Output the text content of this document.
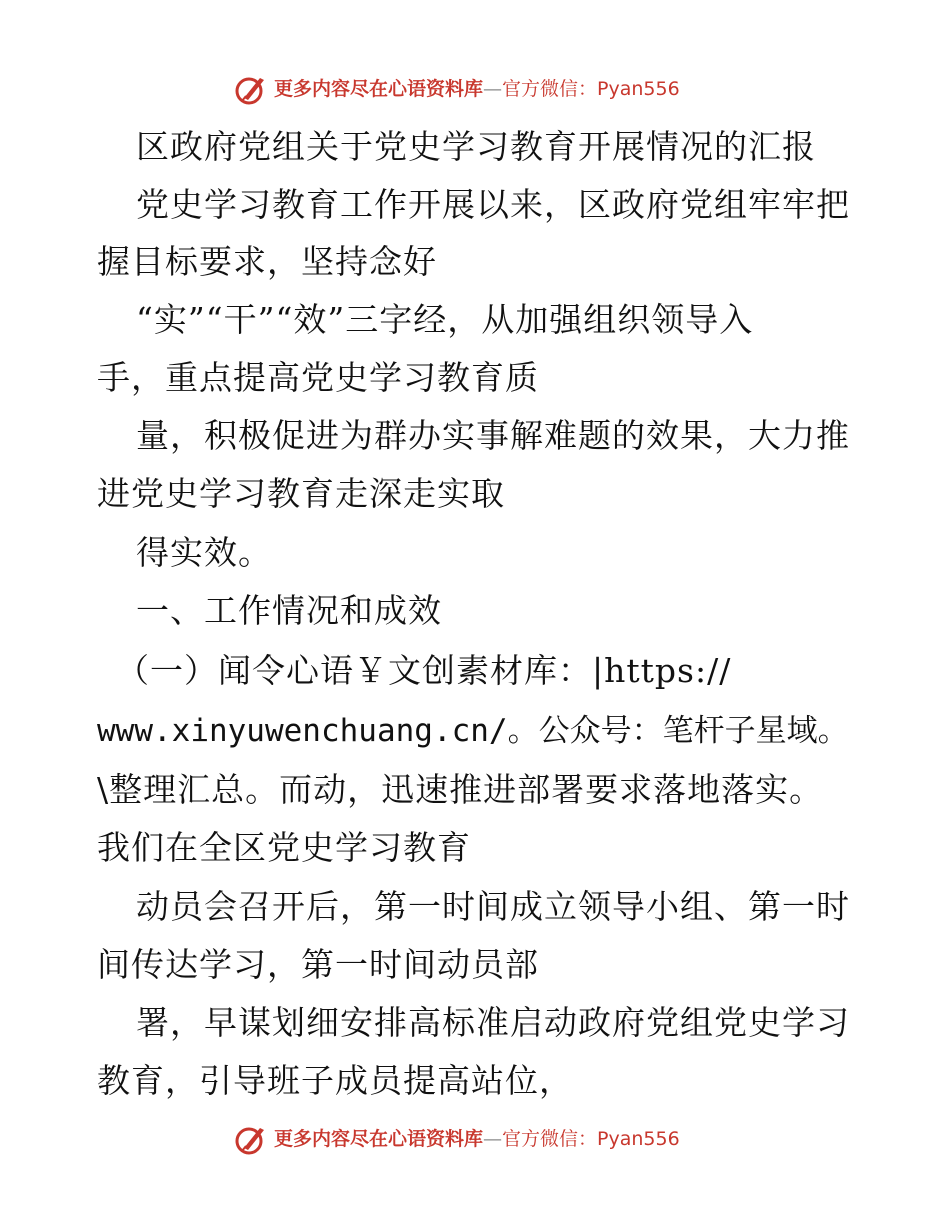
更多内容尽在心语资料库—官方微信：Pyan556
区政府党组关于党史学习教育开展情况的汇报
党史学习教育工作开展以来，区政府党组牢牢把
握目标要求，坚持念好
“实”“干”“效”三字经，从加强组织领导入
手，重点提高党史学习教育质
量，积极促进为群办实事解难题的效果，大力推
进党史学习教育走深走实取
得实效。
一、工作情况和成效
（一）闻令心语￥文创素材库：|https://
www.xinyuwenchuang.cn/。公众号：笔杆子星域。
\整理汇总。而动，迅速推进部署要求落地落实。
我们在全区党史学习教育
动员会召开后，第一时间成立领导小组、第一时
间传达学习，第一时间动员部
署，早谋划细安排高标准启动政府党组党史学习
教育，引导班子成员提高站位，
更多内容尽在心语资料库—官方微信：Pyan556
